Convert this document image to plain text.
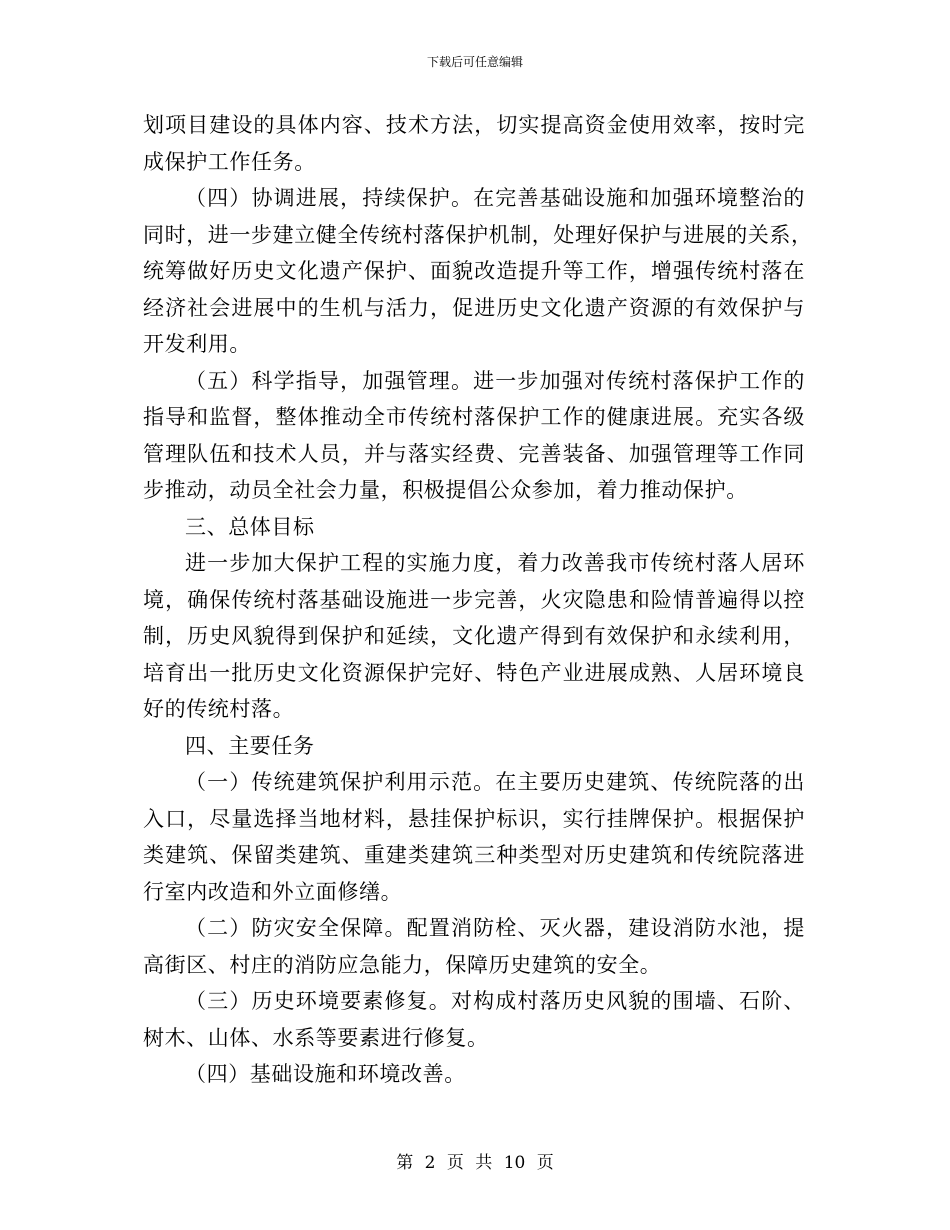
下载后可任意编辑
划项目建设的具体内容、技术方法，切实提高资金使用效率，按时完
成保护工作任务。
（四）协调进展，持续保护。在完善基础设施和加强环境整治的
同时，进一步建立健全传统村落保护机制，处理好保护与进展的关系，
统筹做好历史文化遗产保护、面貌改造提升等工作，增强传统村落在
经济社会进展中的生机与活力，促进历史文化遗产资源的有效保护与
开发利用。
（五）科学指导，加强管理。进一步加强对传统村落保护工作的
指导和监督，整体推动全市传统村落保护工作的健康进展。充实各级
管理队伍和技术人员，并与落实经费、完善装备、加强管理等工作同
步推动，动员全社会力量，积极提倡公众参加，着力推动保护。
三、总体目标
进一步加大保护工程的实施力度，着力改善我市传统村落人居环
境，确保传统村落基础设施进一步完善，火灾隐患和险情普遍得以控
制，历史风貌得到保护和延续，文化遗产得到有效保护和永续利用，
培育出一批历史文化资源保护完好、特色产业进展成熟、人居环境良
好的传统村落。
四、主要任务
（一）传统建筑保护利用示范。在主要历史建筑、传统院落的出
入口，尽量选择当地材料，悬挂保护标识，实行挂牌保护。根据保护
类建筑、保留类建筑、重建类建筑三种类型对历史建筑和传统院落进
行室内改造和外立面修缮。
（二）防灾安全保障。配置消防栓、灭火器，建设消防水池，提
高街区、村庄的消防应急能力，保障历史建筑的安全。
（三）历史环境要素修复。对构成村落历史风貌的围墙、石阶、
树木、山体、水系等要素进行修复。
（四）基础设施和环境改善。
第 2 页 共 10 页
